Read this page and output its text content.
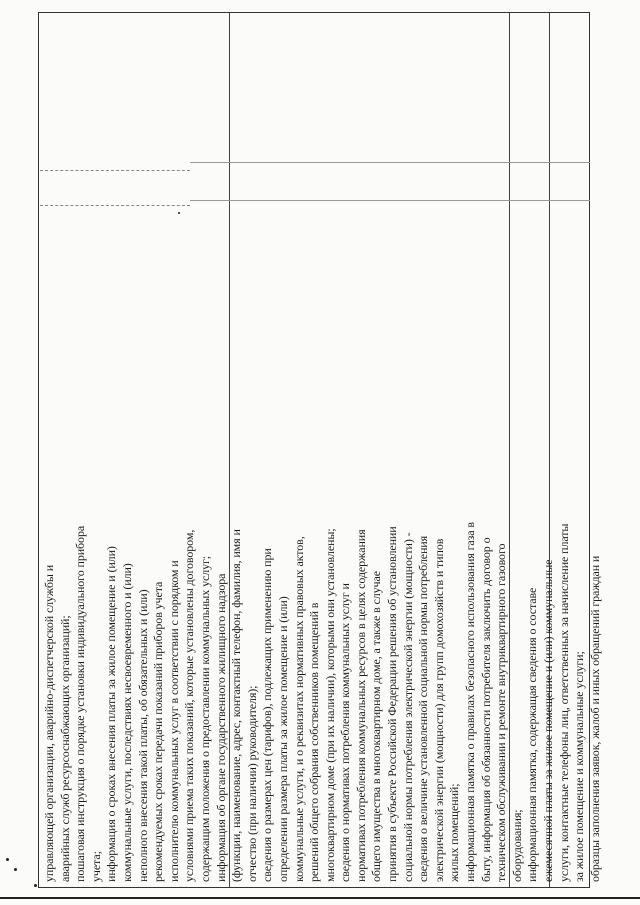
управляющей организации, аварийно-диспетчерской службы и аварийных служб ресурсоснабжающих организаций; пошаговая инструкция о порядке установки индивидуального прибора учета; информация о сроках внесения платы за жилое помещение и (или) коммунальные услуги, последствиях несвоевременного и (или) неполного внесения такой платы, об обязательных и (или) рекомендуемых сроках передачи показаний приборов учета исполнителю коммунальных услуг в соответствии с порядком и условиями приема таких показаний, которые установлены договором, содержащим положения о предоставлении коммунальных услуг; информация об органе государственного жилищного надзора (функции, наименование, адрес, контактный телефон, фамилия, имя и отчество (при наличии) руководителя); сведения о размерах цен (тарифов), подлежащих применению при определении размера платы за жилое помещение и (или) коммунальные услуги, и о реквизитах нормативных правовых актов, решений общего собрания собственников помещений в многоквартирном доме (при их наличии), которыми они установлены; сведения о нормативах потребления коммунальных услуг и нормативах потребления коммунальных ресурсов в целях содержания общего имущества в многоквартирном доме, а также в случае принятия в субъекте Российской Федерации решения об установлении социальной нормы потребления электрической энергии (мощности) - сведения о величине установленной социальной нормы потребления электрической энергии (мощности) для групп домохозяйств и типов жилых помещений; информационная памятка о правилах безопасного использования газа в быту, информация об обязанности потребителя заключить договор о техническом обслуживании и ремонте внутриквартирного газового оборудования; информационная памятка, содержащая сведения о составе ежемесячной платы за жилое помещение и (или) коммунальные услуги, контактные телефоны лиц, ответственных за начисление платы за жилое помещение и коммунальные услуги; образцы заполнения заявок, жалоб и иных обращений граждан и
